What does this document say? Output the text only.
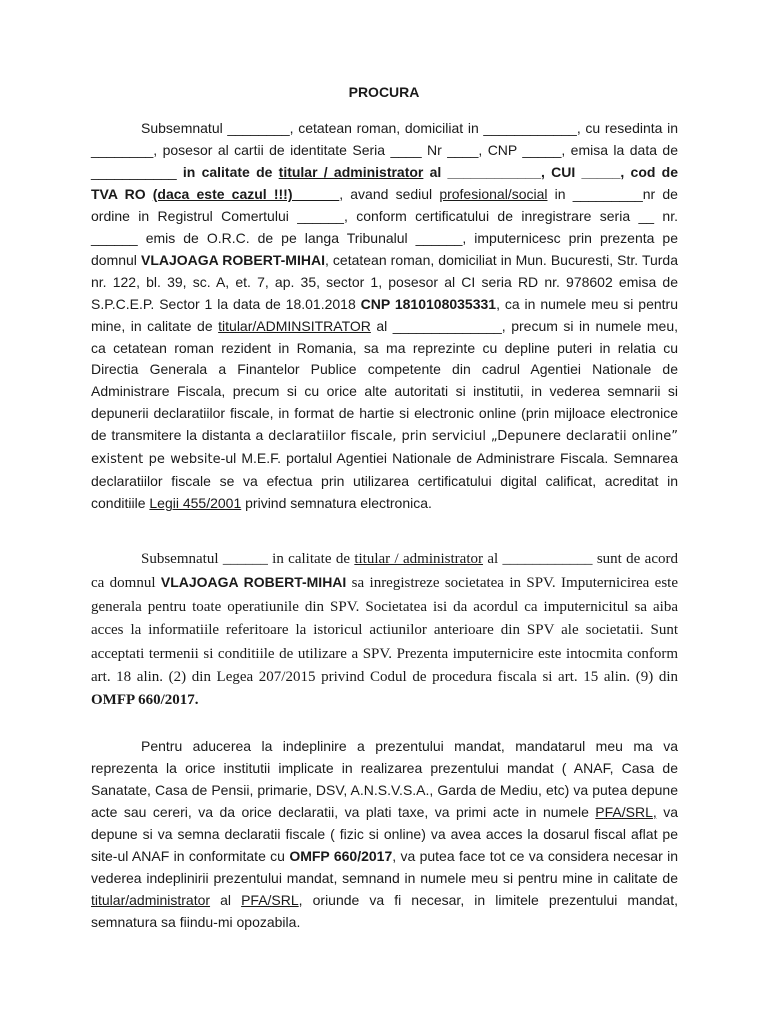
PROCURA

Subsemnatul ________, cetatean roman, domiciliat in ____________, cu resedinta in ________, posesor al cartii de identitate Seria ____ Nr ____, CNP _____, emisa la data de ___________ in calitate de titular / administrator al ____________, CUI _____, cod de TVA RO (daca este cazul !!!)______, avand sediul profesional/social in _________nr de ordine in Registrul Comertului ______, conform certificatului de inregistrare seria __ nr. ______ emis de O.R.C. de pe langa Tribunalul ______, imputernicesc prin prezenta pe domnul VLAJOAGA ROBERT-MIHAI, cetatean roman, domiciliat in Mun. Bucuresti, Str. Turda nr. 122, bl. 39, sc. A, et. 7, ap. 35, sector 1, posesor al CI seria RD nr. 978602 emisa de S.P.C.E.P. Sector 1 la data de 18.01.2018 CNP 1810108035331, ca in numele meu si pentru mine, in calitate de titular/ADMINSITRATOR al ______________, precum si in numele meu, ca cetatean roman rezident in Romania, sa ma reprezinte cu depline puteri in relatia cu Directia Generala a Finantelor Publice competente din cadrul Agentiei Nationale de Administrare Fiscala, precum si cu orice alte autoritati si institutii, in vederea semnarii si depunerii declaratiilor fiscale, in format de hartie si electronic online (prin mijloace electronice de transmitere la distanta a declaratiilor fiscale, prin serviciul „Depunere declaratii online” existent pe website-ul M.E.F. portalul Agentiei Nationale de Administrare Fiscala. Semnarea declaratiilor fiscale se va efectua prin utilizarea certificatului digital calificat, acreditat in conditiile Legii 455/2001 privind semnatura electronica.

Subsemnatul ______ in calitate de titular / administrator al ____________ sunt de acord ca domnul VLAJOAGA ROBERT-MIHAI sa inregistreze societatea in SPV. Imputernicirea este generala pentru toate operatiunile din SPV. Societatea isi da acordul ca imputernicitul sa aiba acces la informatiile referitoare la istoricul actiunilor anterioare din SPV ale societatii. Sunt acceptati termenii si conditiile de utilizare a SPV. Prezenta imputernicire este intocmita conform art. 18 alin. (2) din Legea 207/2015 privind Codul de procedura fiscala si art. 15 alin. (9) din OMFP 660/2017.

Pentru aducerea la indeplinire a prezentului mandat, mandatarul meu ma va reprezenta la orice institutii implicate in realizarea prezentului mandat ( ANAF, Casa de Sanatate, Casa de Pensii, primarie, DSV, A.N.S.V.S.A., Garda de Mediu, etc) va putea depune acte sau cereri, va da orice declaratii, va plati taxe, va primi acte in numele PFA/SRL, va depune si va semna declaratii fiscale ( fizic si online) va avea acces la dosarul fiscal aflat pe site-ul ANAF in conformitate cu OMFP 660/2017, va putea face tot ce va considera necesar in vederea indeplinirii prezentului mandat, semnand in numele meu si pentru mine in calitate de titular/administrator al PFA/SRL, oriunde va fi necesar, in limitele prezentului mandat, semnatura sa fiindu-mi opozabila.
